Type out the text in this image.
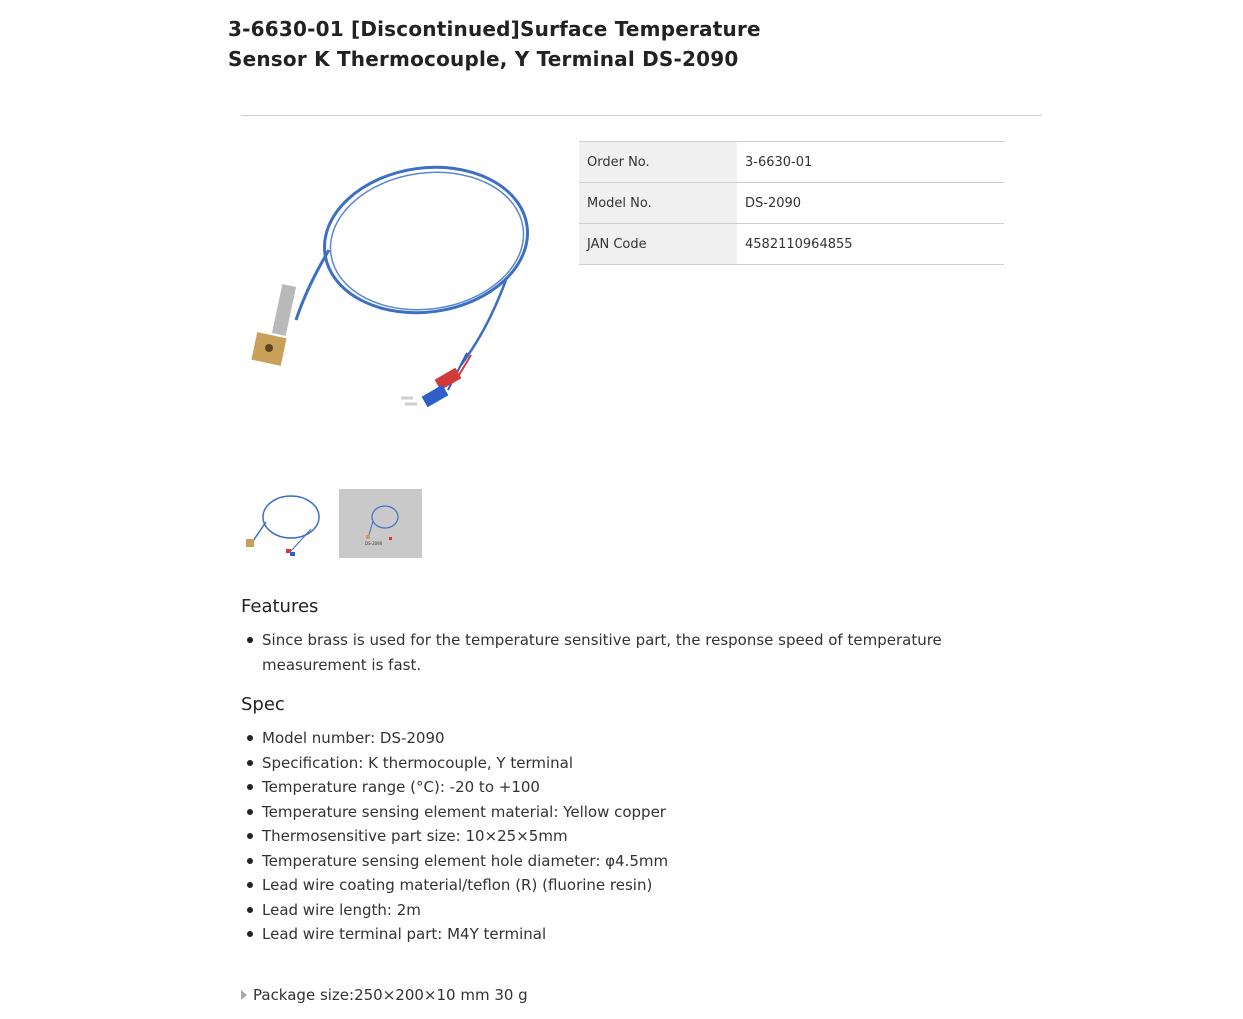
3-6630-01 [Discontinued]Surface Temperature
Sensor K Thermocouple, Y Terminal DS-2090
Order No.	3-6630-01
Model No.	DS-2090
JAN Code	4582110964855
DS-2090
Features
Since brass is used for the temperature sensitive part, the response speed of temperature measurement is fast.
Spec
Model number: DS-2090
Specification: K thermocouple, Y terminal
Temperature range (°C): -20 to +100
Temperature sensing element material: Yellow copper
Thermosensitive part size: 10×25×5mm
Temperature sensing element hole diameter: φ4.5mm
Lead wire coating material/teflon (R) (fluorine resin)
Lead wire length: 2m
Lead wire terminal part: M4Y terminal
Package size:250×200×10 mm 30 g
